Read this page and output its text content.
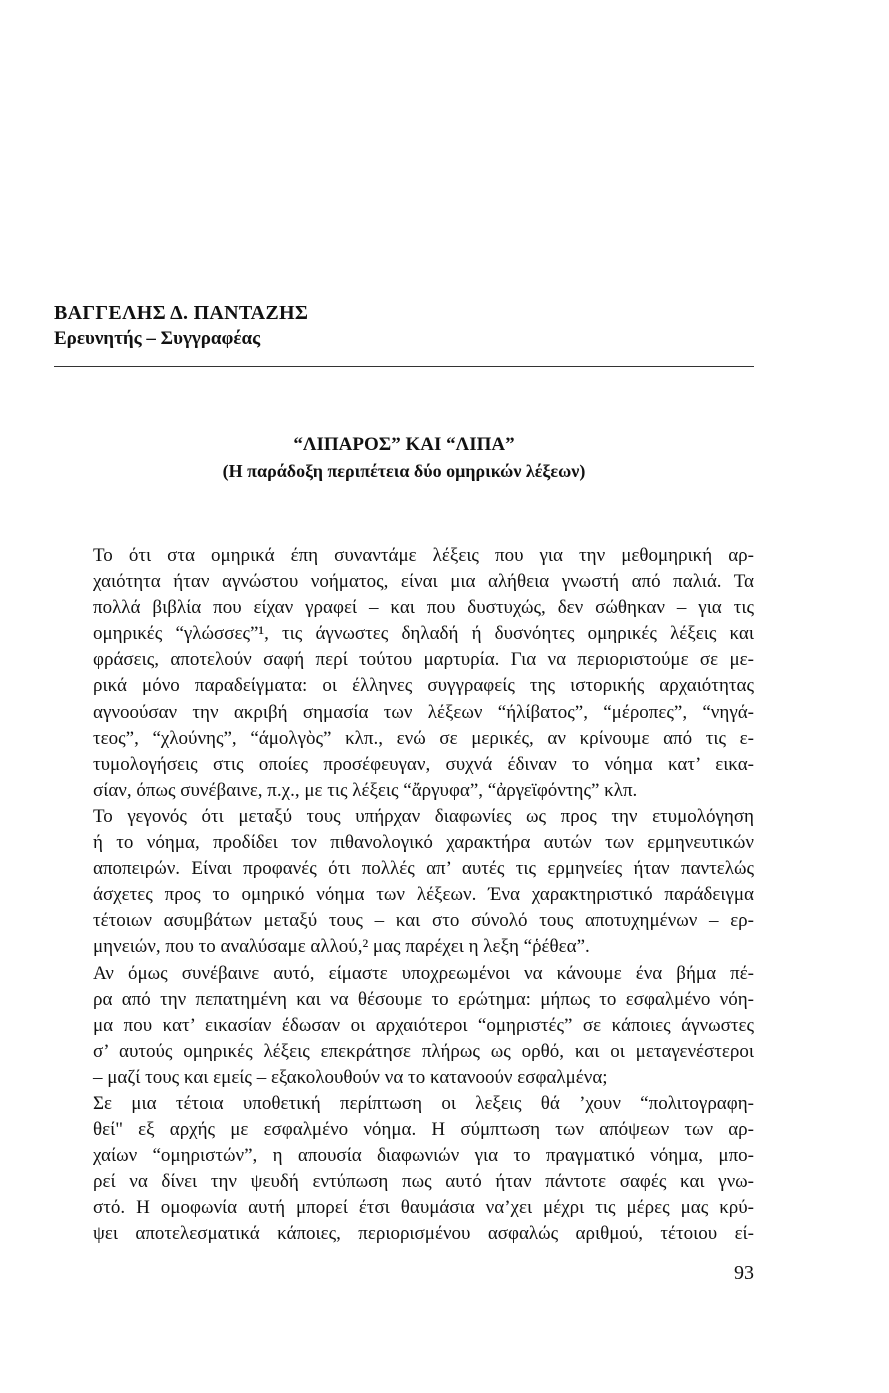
ΒΑΓΓΕΛΗΣ Δ. ΠΑΝΤΑΖΗΣ
Ερευνητής – Συγγραφέας
“ΛΙΠΑΡΟΣ” ΚΑΙ “ΛΙΠΑ”
(Η παράδοξη περιπέτεια δύο ομηρικών λέξεων)

Το ότι στα ομηρικά έπη συναντάμε λέξεις που για την μεθομηρική αρ-
χαιότητα ήταν αγνώστου νοήματος, είναι μια αλήθεια γνωστή από παλιά. Τα
πολλά βιβλία που είχαν γραφεί – και που δυστυχώς, δεν σώθηκαν – για τις
ομηρικές “γλώσσες”¹, τις άγνωστες δηλαδή ή δυσνόητες ομηρικές λέξεις και
φράσεις, αποτελούν σαφή περί τούτου μαρτυρία. Για να περιοριστούμε σε με-
ρικά μόνο παραδείγματα: οι έλληνες συγγραφείς της ιστορικής αρχαιότητας
αγνοούσαν την ακριβή σημασία των λέξεων “ήλίβατος”, “μέροπες”, “νηγά-
τεος”, “χλούνης”, “άμολγὸς” κλπ., ενώ σε μερικές, αν κρίνουμε από τις ε-
τυμολογήσεις στις οποίες προσέφευγαν, συχνά έδιναν το νόημα κατ’ εικα-
σίαν, όπως συνέβαινε, π.χ., με τις λέξεις “ἄργυφα”, “ἀργεϊφόντης” κλπ.

Το γεγονός ότι μεταξύ τους υπήρχαν διαφωνίες ως προς την ετυμολόγηση
ή το νόημα, προδίδει τον πιθανολογικό χαρακτήρα αυτών των ερμηνευτικών
αποπειρών. Είναι προφανές ότι πολλές απ’ αυτές τις ερμηνείες ήταν παντελώς
άσχετες προς το ομηρικό νόημα των λέξεων. Ένα χαρακτηριστικό παράδειγμα
τέτοιων ασυμβάτων μεταξύ τους – και στο σύνολό τους αποτυχημένων – ερ-
μηνειών, που το αναλύσαμε αλλού,² μας παρέχει η λεξη “ῥέθεα”.

Αν όμως συνέβαινε αυτό, είμαστε υποχρεωμένοι να κάνουμε ένα βήμα πέ-
ρα από την πεπατημένη και να θέσουμε το ερώτημα: μήπως το εσφαλμένο νόη-
μα που κατ’ εικασίαν έδωσαν οι αρχαιότεροι “ομηριστές” σε κάποιες άγνωστες
σ’ αυτούς ομηρικές λέξεις επεκράτησε πλήρως ως ορθό, και οι μεταγενέστεροι
– μαζί τους και εμείς – εξακολουθούν να το κατανοούν εσφαλμένα;

Σε μια τέτοια υποθετική περίπτωση οι λεξεις θά ’χουν “πολιτογραφη-
θεί" εξ αρχής με εσφαλμένο νόημα. Η σύμπτωση των απόψεων των αρ-
χαίων “ομηριστών”, η απουσία διαφωνιών για το πραγματικό νόημα, μπο-
ρεί να δίνει την ψευδή εντύπωση πως αυτό ήταν πάντοτε σαφές και γνω-
στό. Η ομοφωνία αυτή μπορεί έτσι θαυμάσια να’χει μέχρι τις μέρες μας κρύ-
ψει αποτελεσματικά κάποιες, περιορισμένου ασφαλώς αριθμού, τέτοιου εί-

93
